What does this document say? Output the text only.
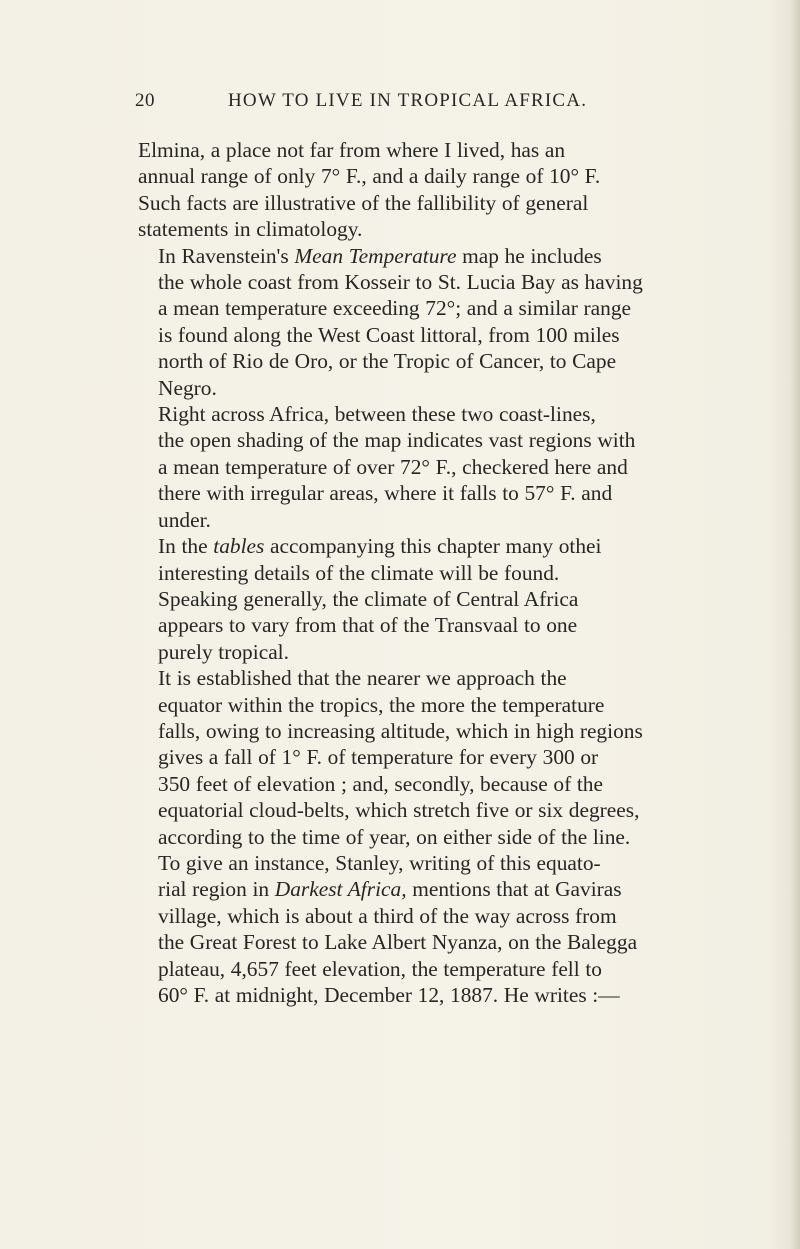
20	HOW TO LIVE IN TROPICAL AFRICA.

Elmina, a place not far from where I lived, has an
annual range of only 7° F., and a daily range of 10° F.
Such facts are illustrative of the fallibility of general
statements in climatology.

In Ravenstein's Mean Temperature map he includes
the whole coast from Kosseir to St. Lucia Bay as having
a mean temperature exceeding 72°; and a similar range
is found along the West Coast littoral, from 100 miles
north of Rio de Oro, or the Tropic of Cancer, to Cape
Negro.

Right across Africa, between these two coast-lines,
the open shading of the map indicates vast regions with
a mean temperature of over 72° F., checkered here and
there with irregular areas, where it falls to 57° F. and
under.

In the tables accompanying this chapter many othei
interesting details of the climate will be found.

Speaking generally, the climate of Central Africa
appears to vary from that of the Transvaal to one
purely tropical.

It is established that the nearer we approach the
equator within the tropics, the more the temperature
falls, owing to increasing altitude, which in high regions
gives a fall of 1° F. of temperature for every 300 or
350 feet of elevation ; and, secondly, because of the
equatorial cloud-belts, which stretch five or six degrees,
according to the time of year, on either side of the line.

To give an instance, Stanley, writing of this equato-
rial region in Darkest Africa, mentions that at Gaviras
village, which is about a third of the way across from
the Great Forest to Lake Albert Nyanza, on the Balegga
plateau, 4,657 feet elevation, the temperature fell to
60° F. at midnight, December 12, 1887. He writes :—
